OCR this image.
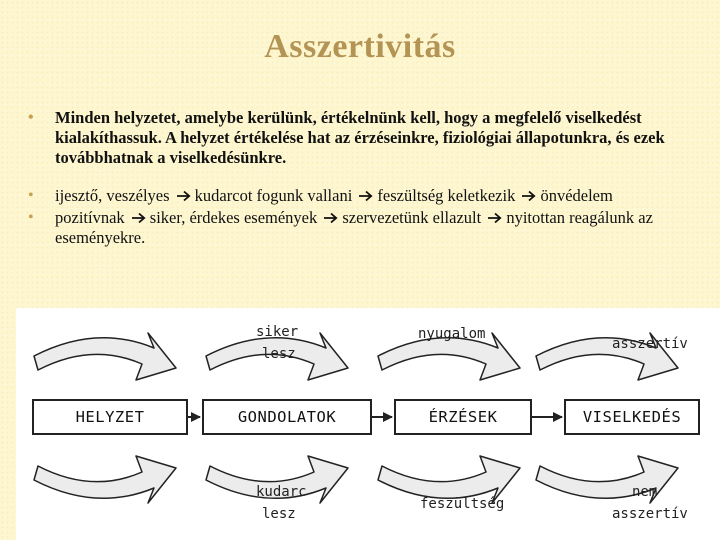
Asszertivitás
• Minden helyzetet, amelybe kerülünk, értékelnünk kell, hogy a megfelelő viselkedést kialakíthassuk. A helyzet értékelése hat az érzéseinkre, fiziológiai állapotunkra, és ezek továbbhatnak a viselkedésünkre.
• ijesztő, veszélyes kudarcot fogunk vallani feszültség keletkezik önvédelem
• pozitívnak siker, érdekes események szervezetünk ellazult nyitottan reagálunk az eseményekre.
HELYZET	GONDOLATOK	ÉRZÉSEK	VISELKEDÉS
siker
lesz
nyugalom
asszertív
kudarc
lesz
feszültség
nem
asszertív
